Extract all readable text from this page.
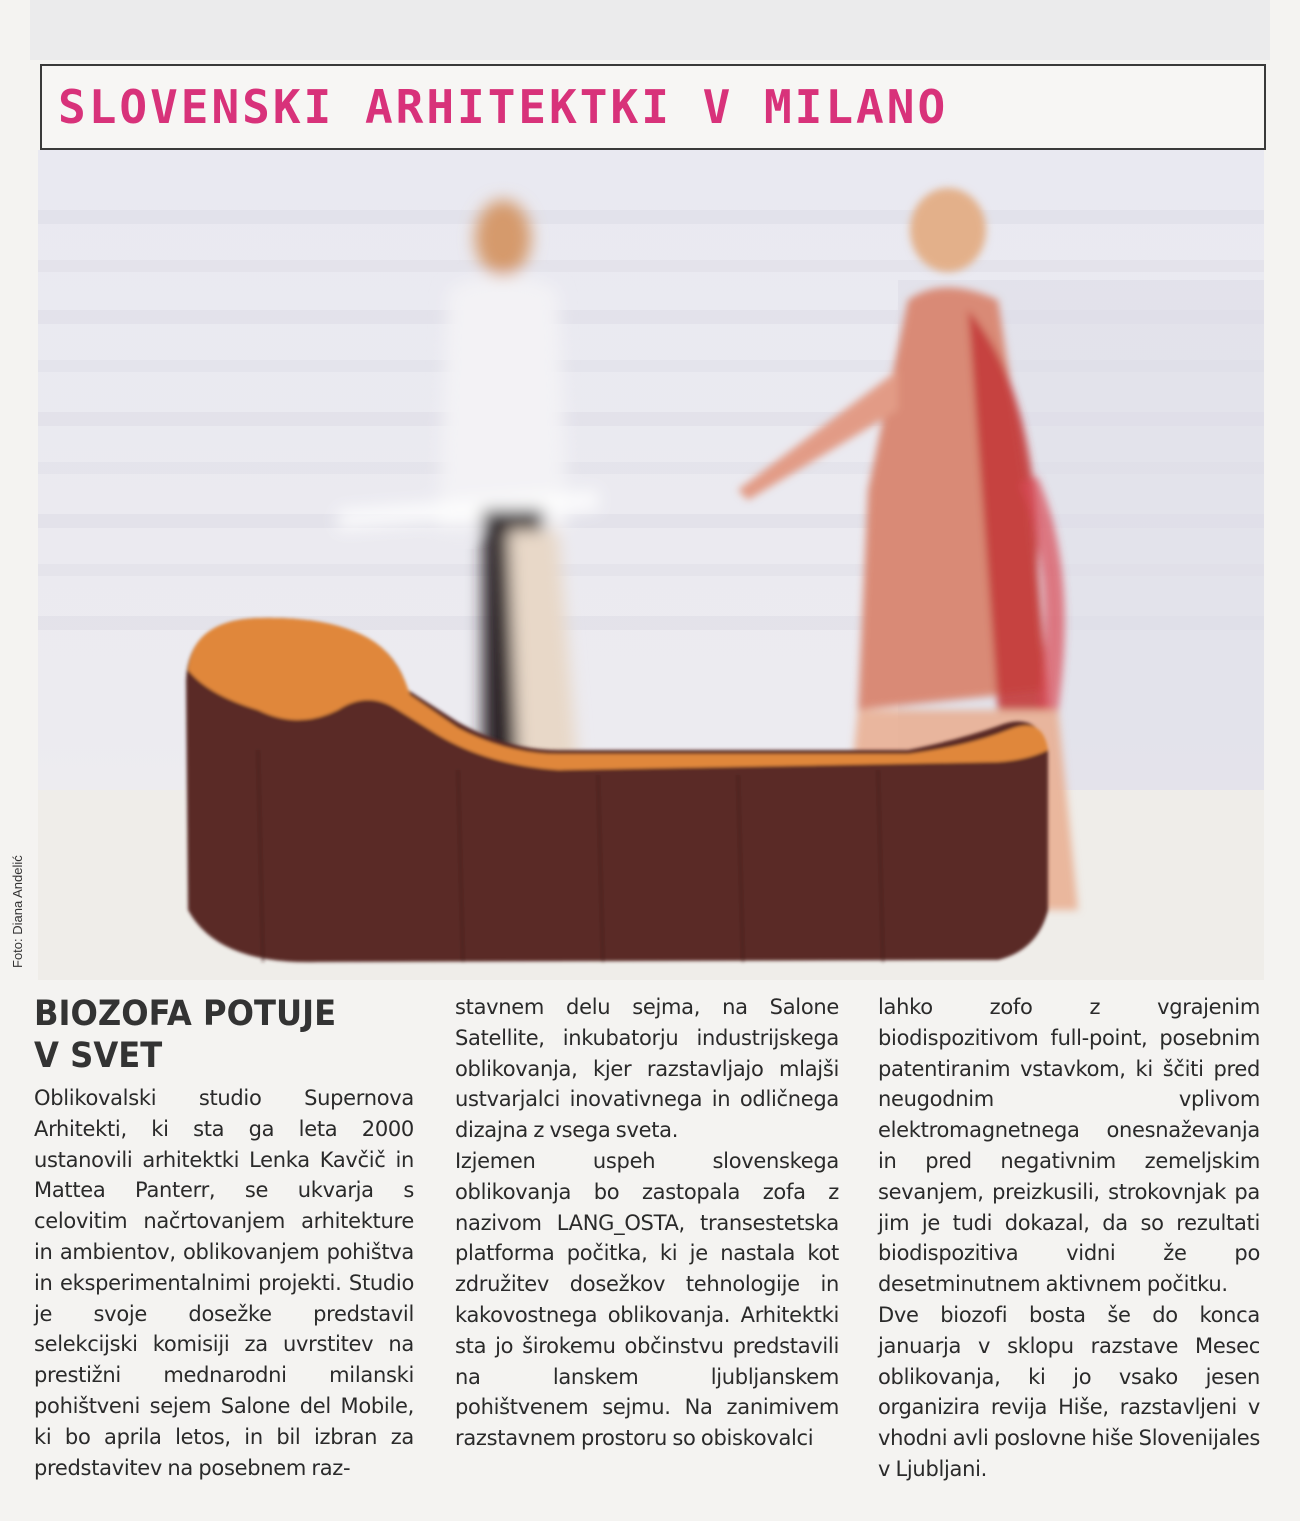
SLOVENSKI ARHITEKTKI V MILANO

Foto: Diana Andelić

BIOZOFA POTUJE
V SVET

Oblikovalski studio Supernova Arhitekti, ki sta ga leta 2000 ustanovili arhitektki Lenka Kavčič in Mattea Panterr, se ukvarja s celovitim načrtovanjem arhitekture in ambientov, oblikovanjem pohištva in eksperimentalnimi projekti. Studio je svoje dosežke predstavil selekcijski komisiji za uvrstitev na prestižni mednarodni milanski pohištveni sejem Salone del Mobile, ki bo aprila letos, in bil izbran za predstavitev na posebnem raz-

stavnem delu sejma, na Salone Satellite, inkubatorju industrijskega oblikovanja, kjer razstavljajo mlajši ustvarjalci inovativnega in odličnega dizajna z vsega sveta.

Izjemen uspeh slovenskega oblikovanja bo zastopala zofa z nazivom LANG_OSTA, transestetska platforma počitka, ki je nastala kot združitev dosežkov tehnologije in kakovostnega oblikovanja. Arhitektki sta jo širokemu občinstvu predstavili na lanskem ljubljanskem pohištvenem sejmu. Na zanimivem razstavnem prostoru so obiskovalci

lahko zofo z vgrajenim biodispozitivom full-point, posebnim patentiranim vstavkom, ki ščiti pred neugodnim vplivom elektromagnetnega onesnaževanja in pred negativnim zemeljskim sevanjem, preizkusili, strokovnjak pa jim je tudi dokazal, da so rezultati biodispozitiva vidni že po desetminutnem aktivnem počitku.

Dve biozofi bosta še do konca januarja v sklopu razstave Mesec oblikovanja, ki jo vsako jesen organizira revija Hiše, razstavljeni v vhodni avli poslovne hiše Slovenijales v Ljubljani.
